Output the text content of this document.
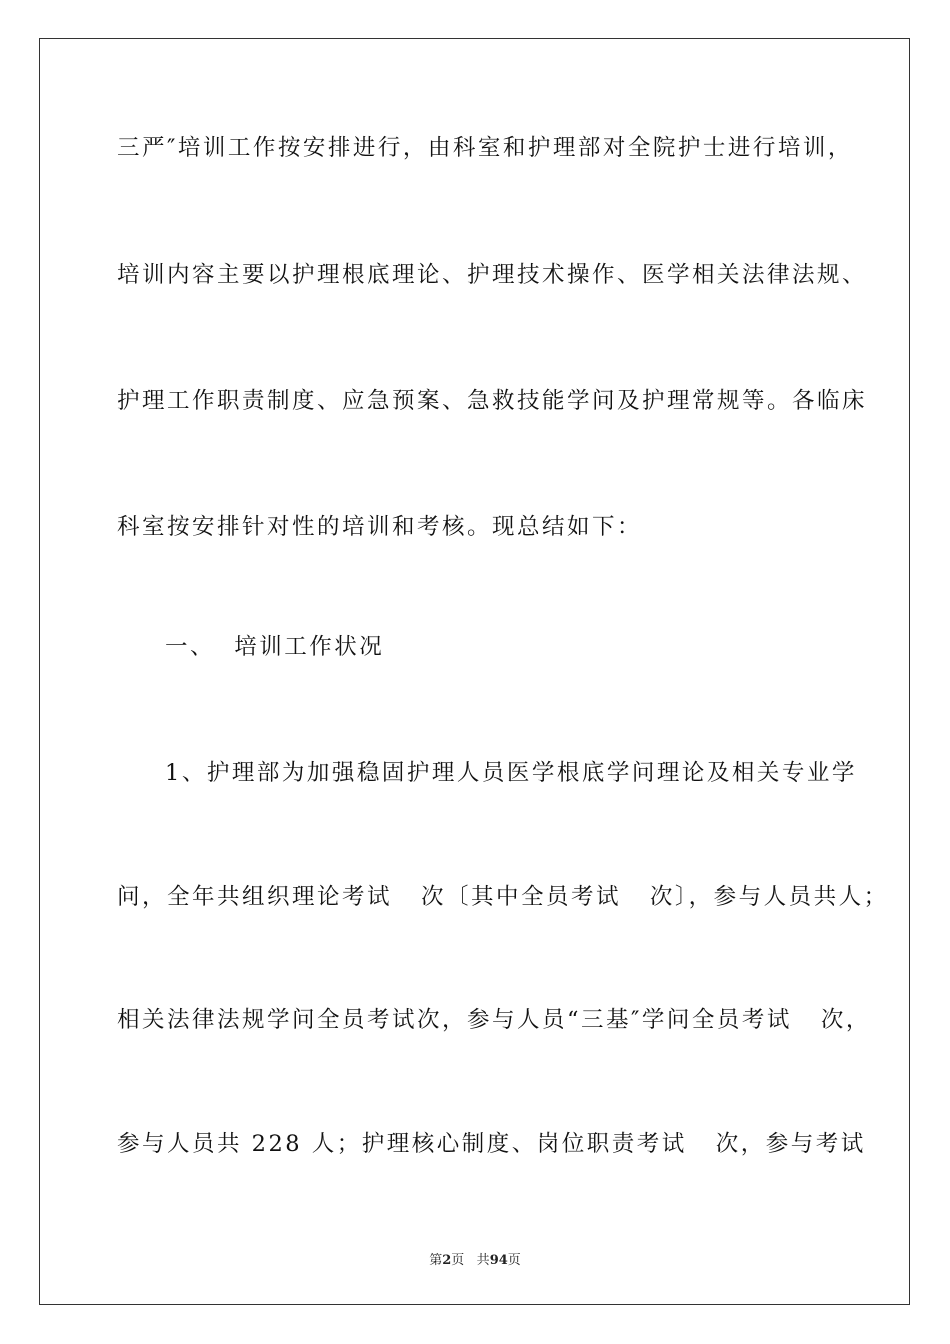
三严″培训工作按安排进行，由科室和护理部对全院护士进行培训，
培训内容主要以护理根底理论、护理技术操作、医学相关法律法规、
护理工作职责制度、应急预案、急救技能学问及护理常规等。各临床
科室按安排针对性的培训和考核。现总结如下：
一、  培训工作状况
1、护理部为加强稳固护理人员医学根底学问理论及相关专业学
问，全年共组织理论考试   次〔其中全员考试   次〕，参与人员共人；
相关法律法规学问全员考试次，参与人员“三基″学问全员考试   次，
参与人员共 228 人；护理核心制度、岗位职责考试   次，参与考试
第2页 共94页
